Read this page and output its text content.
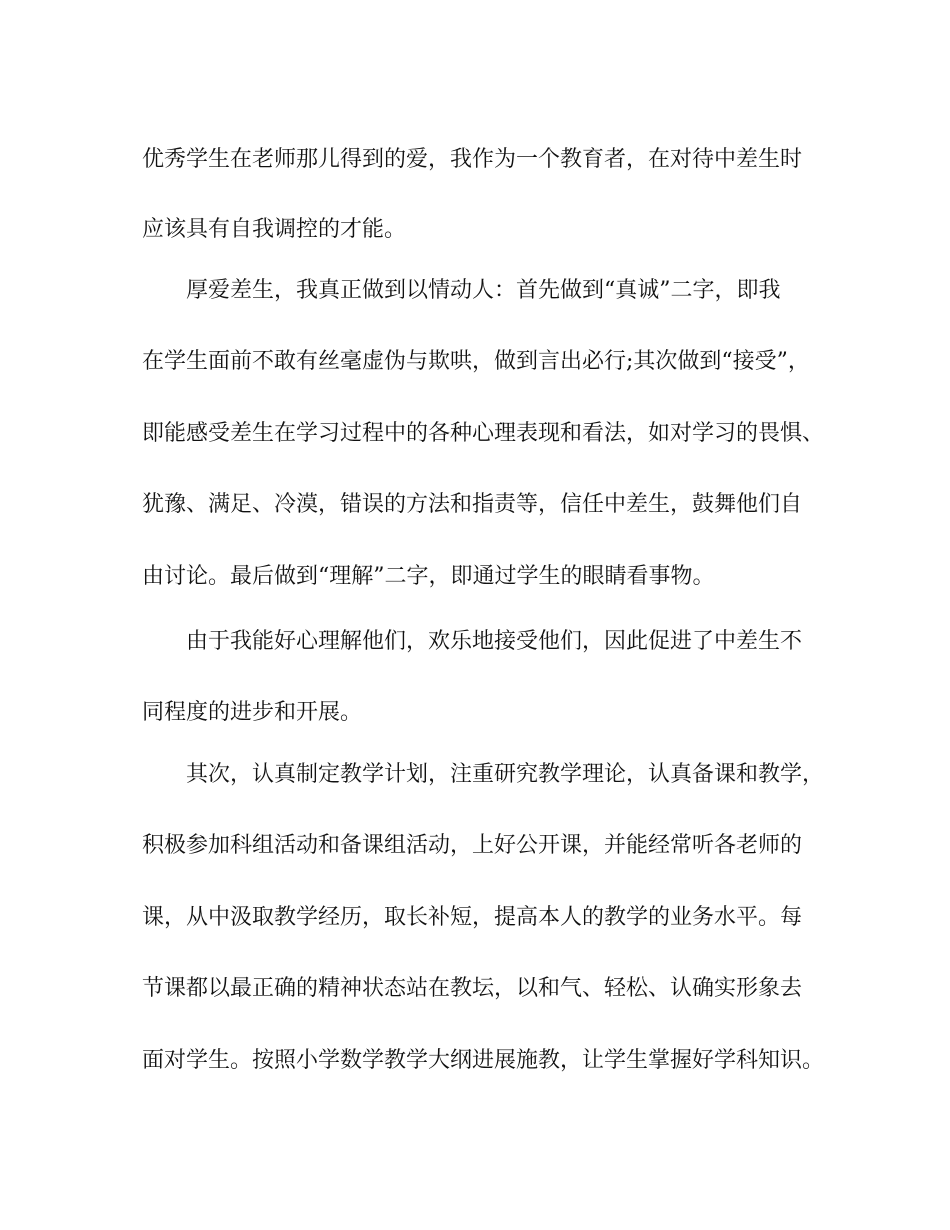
优秀学生在老师那儿得到的爱，我作为一个教育者，在对待中差生时
应该具有自我调控的才能。
厚爱差生，我真正做到以情动人：首先做到“真诚”二字，即我
在学生面前不敢有丝毫虚伪与欺哄，做到言出必行;其次做到“接受”，
即能感受差生在学习过程中的各种心理表现和看法，如对学习的畏惧、
犹豫、满足、冷漠，错误的方法和指责等，信任中差生，鼓舞他们自
由讨论。最后做到“理解”二字，即通过学生的眼睛看事物。
由于我能好心理解他们，欢乐地接受他们，因此促进了中差生不
同程度的进步和开展。
其次，认真制定教学计划，注重研究教学理论，认真备课和教学，
积极参加科组活动和备课组活动，上好公开课，并能经常听各老师的
课，从中汲取教学经历，取长补短，提高本人的教学的业务水平。每
节课都以最正确的精神状态站在教坛，以和气、轻松、认确实形象去
面对学生。按照小学数学教学大纲进展施教，让学生掌握好学科知识。
